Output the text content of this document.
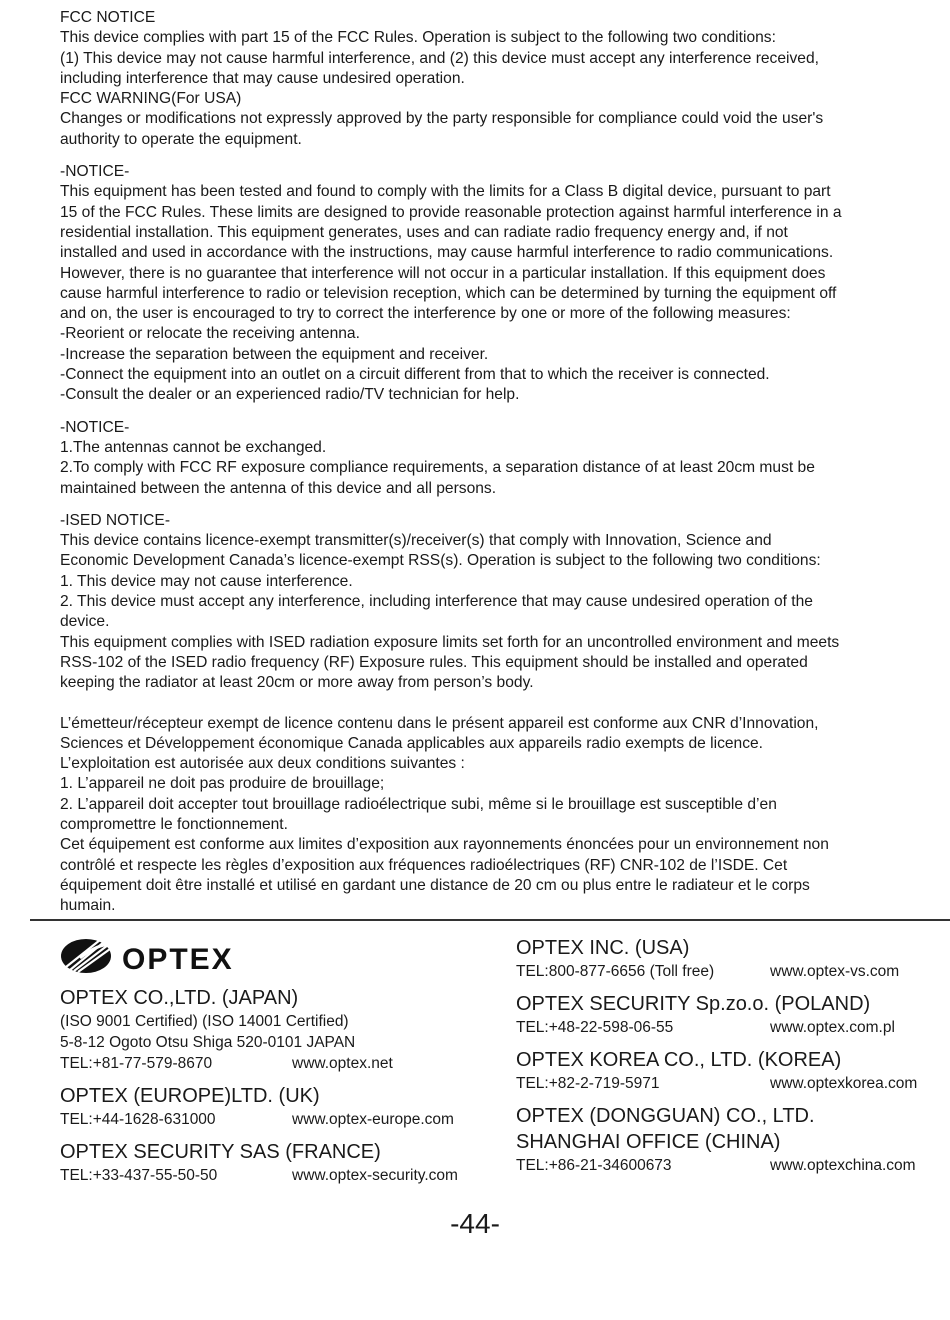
FCC NOTICE

This device complies with part 15 of the FCC Rules. Operation is subject to the following two conditions:

(1) This device may not cause harmful interference, and (2) this device must accept any interference received,

including interference that may cause undesired operation.

FCC WARNING(For USA)

Changes or modifications not expressly approved by the party responsible for compliance could void the user's

authority to operate the equipment.

-NOTICE-

This equipment has been tested and found to comply with the limits for a Class B digital device, pursuant to part

15 of the FCC Rules. These limits are designed to provide reasonable protection against harmful interference in a

residential installation. This equipment generates, uses and can radiate radio frequency energy and, if not

installed and used in accordance with the instructions, may cause harmful interference to radio communications.

However, there is no guarantee that interference will not occur in a particular installation. If this equipment does

cause harmful interference to radio or television reception, which can be determined by turning the equipment off

and on, the user is encouraged to try to correct the interference by one or more of the following measures:

-Reorient or relocate the receiving antenna.

-Increase the separation between the equipment and receiver.

-Connect the equipment into an outlet on a circuit different from that to which the receiver is connected.

-Consult the dealer or an experienced radio/TV technician for help.

-NOTICE-

1.The antennas cannot be exchanged.

2.To comply with FCC RF exposure compliance requirements, a separation distance of at least 20cm must be

maintained between the antenna of this device and all persons.

-ISED NOTICE-

This device contains licence-exempt transmitter(s)/receiver(s) that comply with Innovation, Science and

Economic Development Canada’s licence-exempt RSS(s). Operation is subject to the following two conditions:

1. This device may not cause interference.

2. This device must accept any interference, including interference that may cause undesired operation of the

device.

This equipment complies with ISED radiation exposure limits set forth for an uncontrolled environment and meets

RSS-102 of the ISED radio frequency (RF) Exposure rules. This equipment should be installed and operated

keeping the radiator at least 20cm or more away from person’s body.

L’émetteur/récepteur exempt de licence contenu dans le présent appareil est conforme aux CNR d’Innovation,

Sciences et Développement économique Canada applicables aux appareils radio exempts de licence.

L’exploitation est autorisée aux deux conditions suivantes :

1. L’appareil ne doit pas produire de brouillage;

2. L’appareil doit accepter tout brouillage radioélectrique subi, même si le brouillage est susceptible d’en

compromettre le fonctionnement.

Cet équipement est conforme aux limites d’exposition aux rayonnements énoncées pour un environnement non

contrôlé et respecte les règles d’exposition aux fréquences radioélectriques (RF) CNR-102 de l’ISDE. Cet

équipement doit être installé et utilisé en gardant une distance de 20 cm ou plus entre le radiateur et le corps

humain.

OPTEX

OPTEX CO.,LTD. (JAPAN)

(ISO 9001 Certified) (ISO 14001 Certified)

5-8-12 Ogoto Otsu Shiga 520-0101 JAPAN

TEL:+81-77-579-8670	www.optex.net

OPTEX (EUROPE)LTD. (UK)

TEL:+44-1628-631000	www.optex-europe.com

OPTEX SECURITY SAS (FRANCE)

TEL:+33-437-55-50-50	www.optex-security.com

OPTEX INC. (USA)

TEL:800-877-6656 (Toll free)	www.optex-vs.com

OPTEX SECURITY Sp.zo.o. (POLAND)

TEL:+48-22-598-06-55	www.optex.com.pl

OPTEX KOREA CO., LTD. (KOREA)

TEL:+82-2-719-5971	www.optexkorea.com

OPTEX (DONGGUAN) CO., LTD.

SHANGHAI OFFICE (CHINA)

TEL:+86-21-34600673	www.optexchina.com
-44-
